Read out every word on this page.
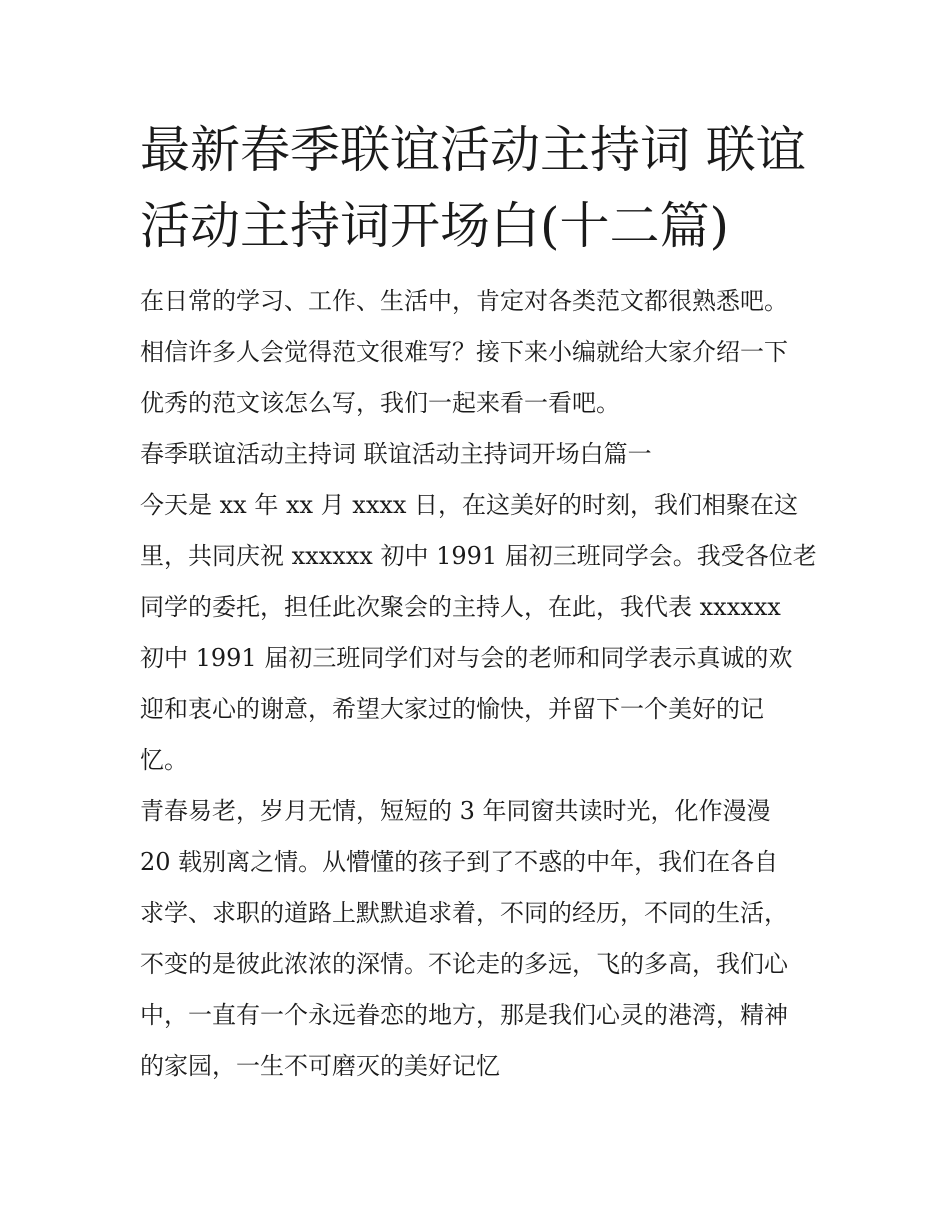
最新春季联谊活动主持词 联谊
活动主持词开场白(十二篇)
在日常的学习、工作、生活中，肯定对各类范文都很熟悉吧。
相信许多人会觉得范文很难写？接下来小编就给大家介绍一下
优秀的范文该怎么写，我们一起来看一看吧。
春季联谊活动主持词 联谊活动主持词开场白篇一
今天是 xx 年 xx 月 xxxx 日，在这美好的时刻，我们相聚在这
里，共同庆祝 xxxxxx 初中 1991 届初三班同学会。我受各位老
同学的委托，担任此次聚会的主持人，在此，我代表 xxxxxx
初中 1991 届初三班同学们对与会的老师和同学表示真诚的欢
迎和衷心的谢意，希望大家过的愉快，并留下一个美好的记
忆。
青春易老，岁月无情，短短的 3 年同窗共读时光，化作漫漫
20 载别离之情。从懵懂的孩子到了不惑的中年，我们在各自
求学、求职的道路上默默追求着，不同的经历，不同的生活，
不变的是彼此浓浓的深情。不论走的多远，飞的多高，我们心
中，一直有一个永远眷恋的地方，那是我们心灵的港湾，精神
的家园，一生不可磨灭的美好记忆
